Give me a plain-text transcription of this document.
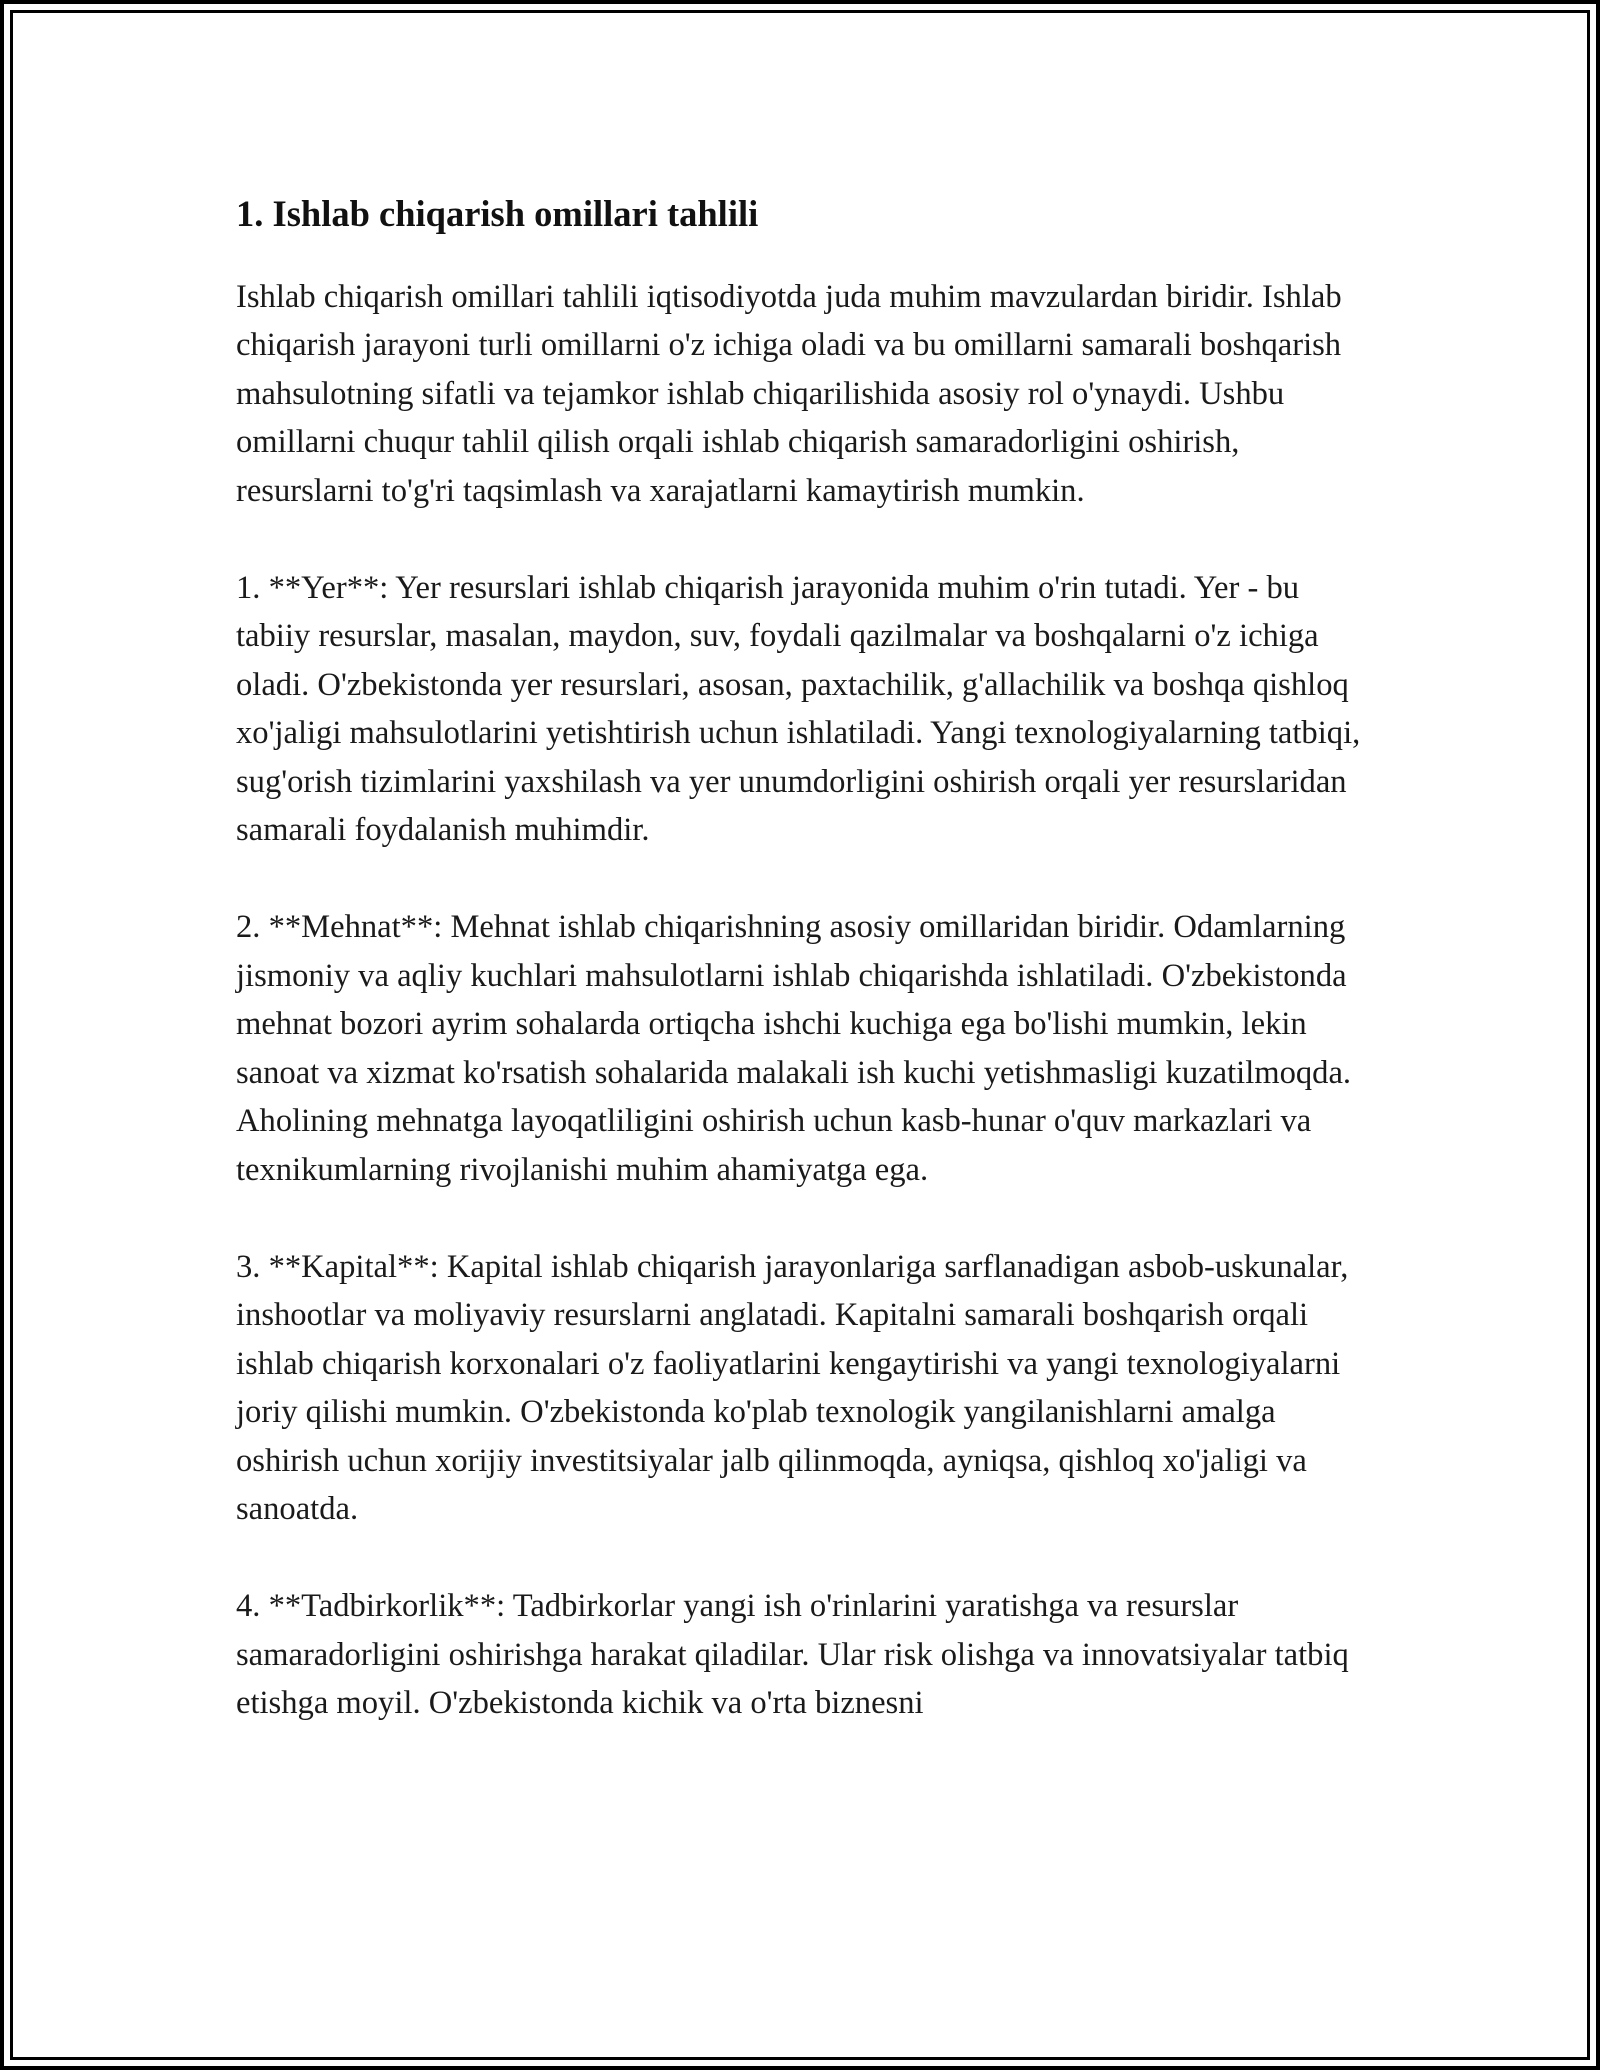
1. Ishlab chiqarish omillari tahlili

Ishlab chiqarish omillari tahlili iqtisodiyotda juda muhim mavzulardan biridir. Ishlab chiqarish jarayoni turli omillarni o'z ichiga oladi va bu omillarni samarali boshqarish mahsulotning sifatli va tejamkor ishlab chiqarilishida asosiy rol o'ynaydi. Ushbu omillarni chuqur tahlil qilish orqali ishlab chiqarish samaradorligini oshirish, resurslarni to'g'ri taqsimlash va xarajatlarni kamaytirish mumkin.

1. **Yer**: Yer resurslari ishlab chiqarish jarayonida muhim o'rin tutadi. Yer - bu tabiiy resurslar, masalan, maydon, suv, foydali qazilmalar va boshqalarni o'z ichiga oladi. O'zbekistonda yer resurslari, asosan, paxtachilik, g'allachilik va boshqa qishloq xo'jaligi mahsulotlarini yetishtirish uchun ishlatiladi. Yangi texnologiyalarning tatbiqi, sug'orish tizimlarini yaxshilash va yer unumdorligini oshirish orqali yer resurslaridan samarali foydalanish muhimdir.

2. **Mehnat**: Mehnat ishlab chiqarishning asosiy omillaridan biridir. Odamlarning jismoniy va aqliy kuchlari mahsulotlarni ishlab chiqarishda ishlatiladi. O'zbekistonda mehnat bozori ayrim sohalarda ortiqcha ishchi kuchiga ega bo'lishi mumkin, lekin sanoat va xizmat ko'rsatish sohalarida malakali ish kuchi yetishmasligi kuzatilmoqda. Aholining mehnatga layoqatliligini oshirish uchun kasb-hunar o'quv markazlari va texnikumlarning rivojlanishi muhim ahamiyatga ega.

3. **Kapital**: Kapital ishlab chiqarish jarayonlariga sarflanadigan asbob-uskunalar, inshootlar va moliyaviy resurslarni anglatadi. Kapitalni samarali boshqarish orqali ishlab chiqarish korxonalari o'z faoliyatlarini kengaytirishi va yangi texnologiyalarni joriy qilishi mumkin. O'zbekistonda ko'plab texnologik yangilanishlarni amalga oshirish uchun xorijiy investitsiyalar jalb qilinmoqda, ayniqsa, qishloq xo'jaligi va sanoatda.

4. **Tadbirkorlik**: Tadbirkorlar yangi ish o'rinlarini yaratishga va resurslar samaradorligini oshirishga harakat qiladilar. Ular risk olishga va innovatsiyalar tatbiq etishga moyil. O'zbekistonda kichik va o'rta biznesni
